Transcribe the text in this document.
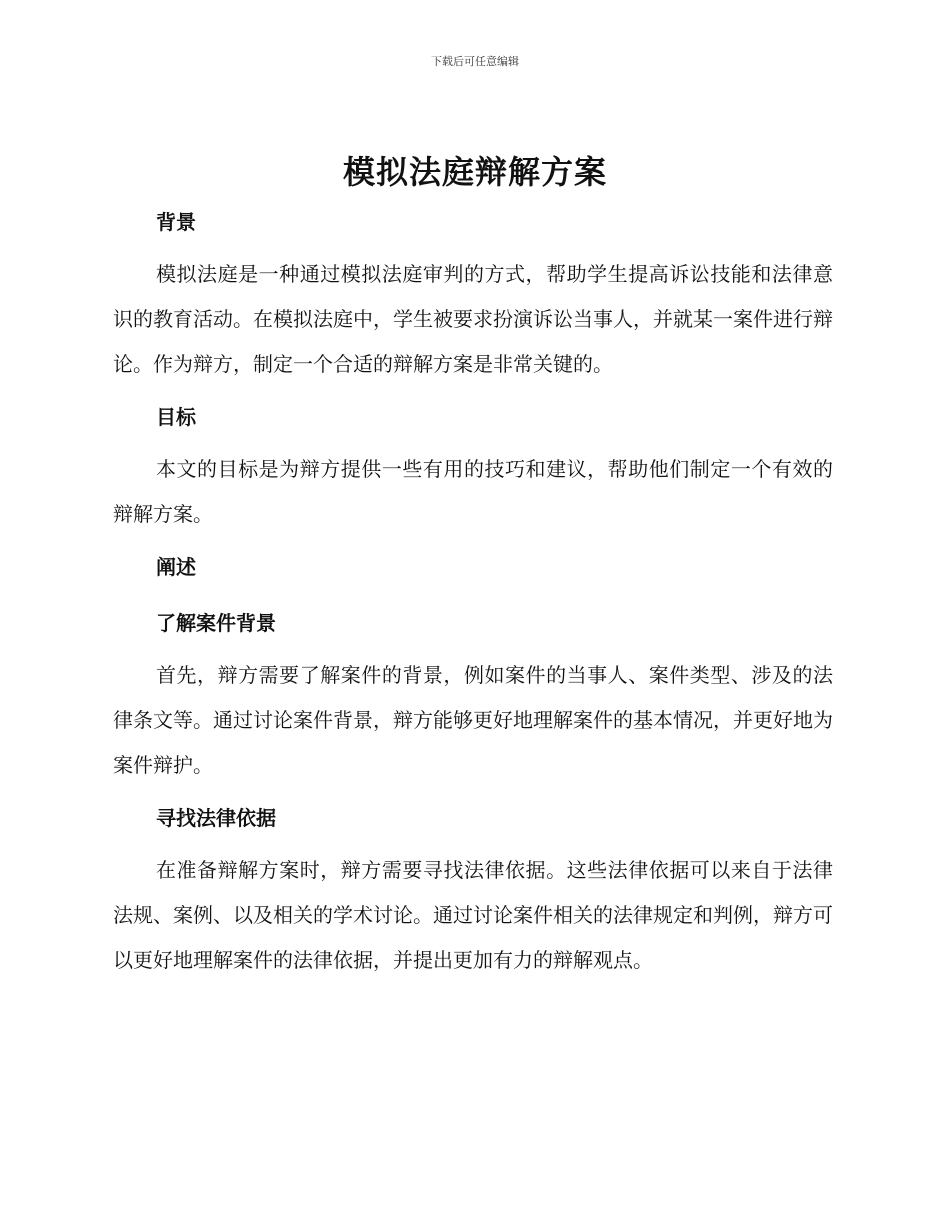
下载后可任意编辑
模拟法庭辩解方案
背景

模拟法庭是一种通过模拟法庭审判的方式，帮助学生提高诉讼技能和法律意识的教育活动。在模拟法庭中，学生被要求扮演诉讼当事人，并就某一案件进行辩论。作为辩方，制定一个合适的辩解方案是非常关键的。

目标

本文的目标是为辩方提供一些有用的技巧和建议，帮助他们制定一个有效的辩解方案。

阐述
了解案件背景

首先，辩方需要了解案件的背景，例如案件的当事人、案件类型、涉及的法律条文等。通过讨论案件背景，辩方能够更好地理解案件的基本情况，并更好地为案件辩护。

寻找法律依据

在准备辩解方案时，辩方需要寻找法律依据。这些法律依据可以来自于法律法规、案例、以及相关的学术讨论。通过讨论案件相关的法律规定和判例，辩方可以更好地理解案件的法律依据，并提出更加有力的辩解观点。
